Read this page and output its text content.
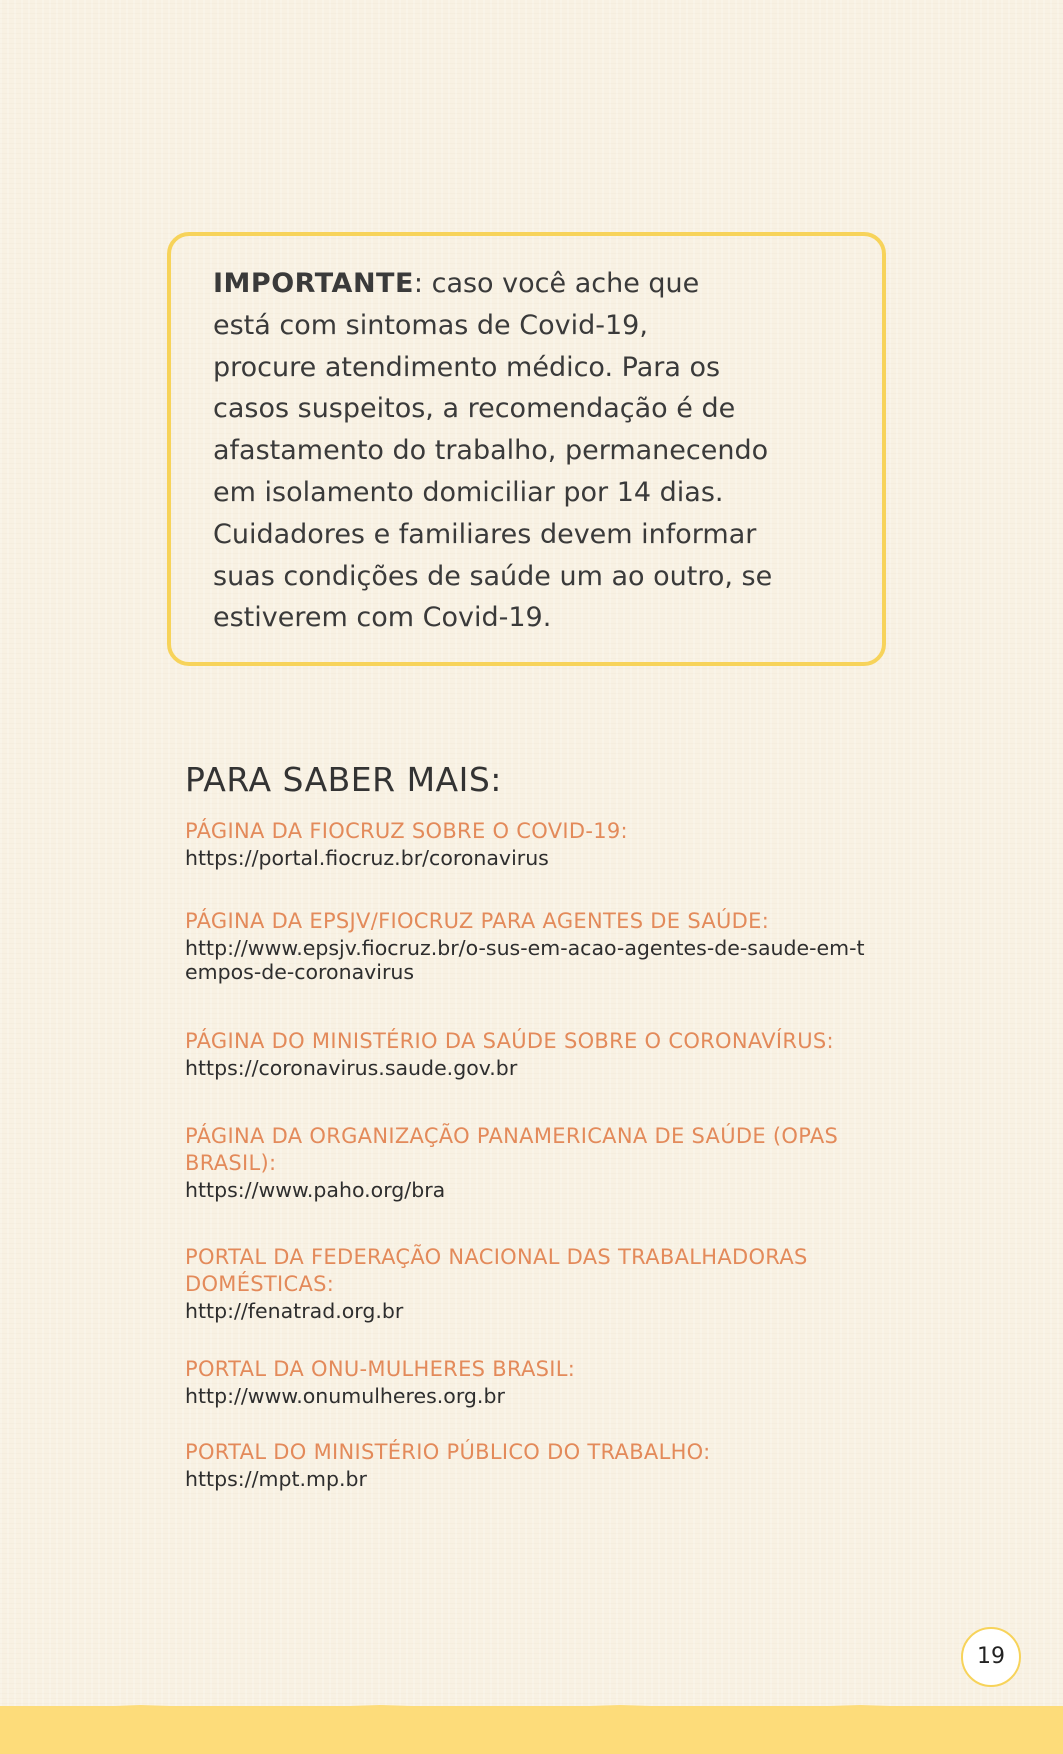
IMPORTANTE: caso você ache que
está com sintomas de Covid-19,
procure atendimento médico. Para os
casos suspeitos, a recomendação é de
afastamento do trabalho, permanecendo
em isolamento domiciliar por 14 dias.
Cuidadores e familiares devem informar
suas condições de saúde um ao outro, se
estiverem com Covid-19.
PARA SABER MAIS:
PÁGINA DA FIOCRUZ SOBRE O COVID-19:
https://portal.fiocruz.br/coronavirus
PÁGINA DA EPSJV/FIOCRUZ PARA AGENTES DE SAÚDE:
http://www.epsjv.fiocruz.br/o-sus-em-acao-agentes-de-saude-em-tempos-de-coronavirus
PÁGINA DO MINISTÉRIO DA SAÚDE SOBRE O CORONAVÍRUS:
https://coronavirus.saude.gov.br
PÁGINA DA ORGANIZAÇÃO PANAMERICANA DE SAÚDE (OPAS BRASIL):
https://www.paho.org/bra
PORTAL DA FEDERAÇÃO NACIONAL DAS TRABALHADORAS DOMÉSTICAS:
http://fenatrad.org.br
PORTAL DA ONU-MULHERES BRASIL:
http://www.onumulheres.org.br
PORTAL DO MINISTÉRIO PÚBLICO DO TRABALHO:
https://mpt.mp.br
19
